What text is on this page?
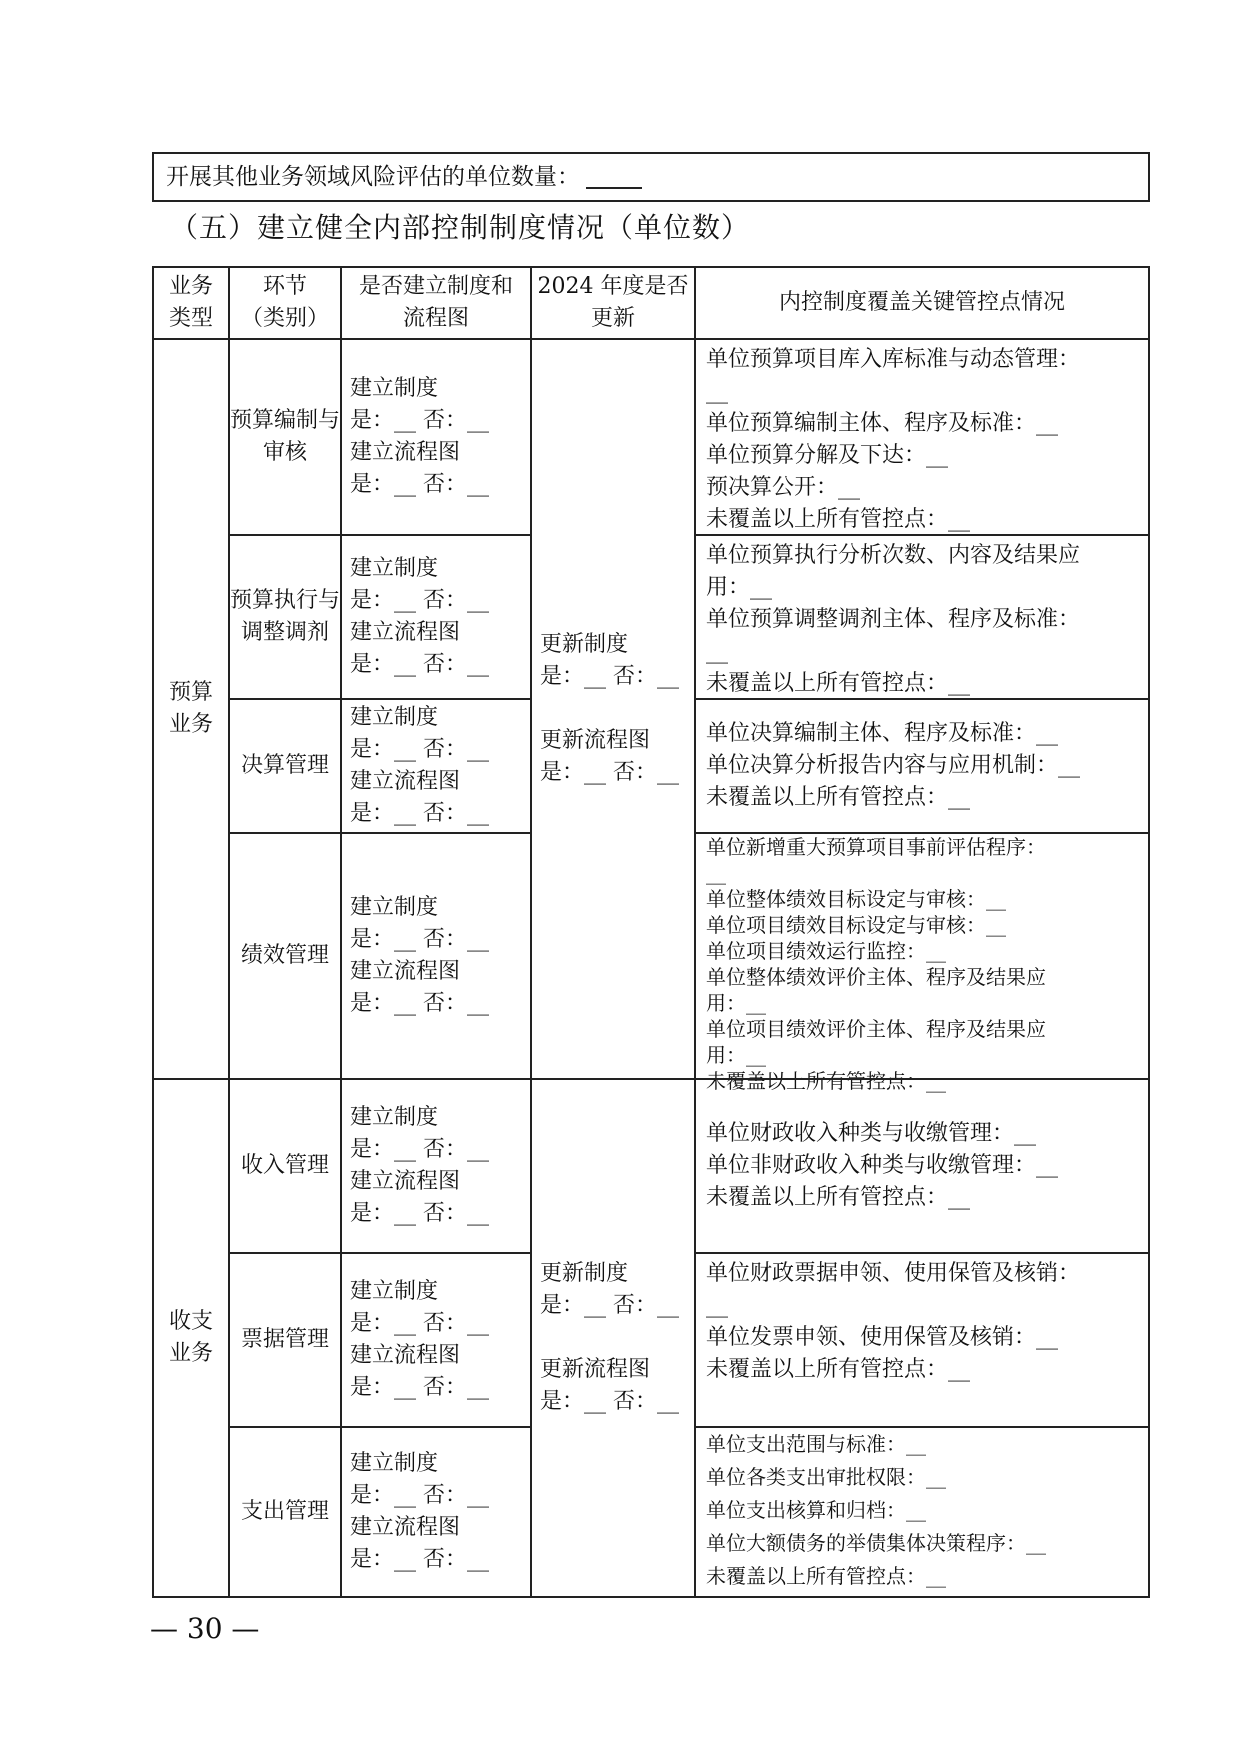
开展其他业务领域风险评估的单位数量：
（五）建立健全内部控制制度情况（单位数）
业务
类型
环节
（类别）
是否建立制度和
流程图
2024 年度是否
更新
内控制度覆盖关键管控点情况
预算
业务
更新制度
是：__ 否：__

更新流程图
是：__ 否：__
预算编制与
审核
建立制度
是：__ 否：__
建立流程图
是：__ 否：__
单位预算项目库入库标准与动态管理：
__
单位预算编制主体、程序及标准：__
单位预算分解及下达：__
预决算公开：__
未覆盖以上所有管控点：__
预算执行与
调整调剂
建立制度
是：__ 否：__
建立流程图
是：__ 否：__
单位预算执行分析次数、内容及结果应
用：__
单位预算调整调剂主体、程序及标准：
__
未覆盖以上所有管控点：__
决算管理
建立制度
是：__ 否：__
建立流程图
是：__ 否：__
单位决算编制主体、程序及标准：__
单位决算分析报告内容与应用机制：__
未覆盖以上所有管控点：__
绩效管理
建立制度
是：__ 否：__
建立流程图
是：__ 否：__
单位新增重大预算项目事前评估程序：
__
单位整体绩效目标设定与审核：__
单位项目绩效目标设定与审核：__
单位项目绩效运行监控：__
单位整体绩效评价主体、程序及结果应
用：__
单位项目绩效评价主体、程序及结果应
用：__
未覆盖以上所有管控点：__
收支
业务
更新制度
是：__ 否：__

更新流程图
是：__ 否：__
收入管理
建立制度
是：__ 否：__
建立流程图
是：__ 否：__
单位财政收入种类与收缴管理：__
单位非财政收入种类与收缴管理：__
未覆盖以上所有管控点：__
票据管理
建立制度
是：__ 否：__
建立流程图
是：__ 否：__
单位财政票据申领、使用保管及核销：
__
单位发票申领、使用保管及核销：__
未覆盖以上所有管控点：__
支出管理
建立制度
是：__ 否：__
建立流程图
是：__ 否：__
单位支出范围与标准：__
单位各类支出审批权限：__
单位支出核算和归档：__
单位大额债务的举债集体决策程序：__
未覆盖以上所有管控点：__
— 30 —
